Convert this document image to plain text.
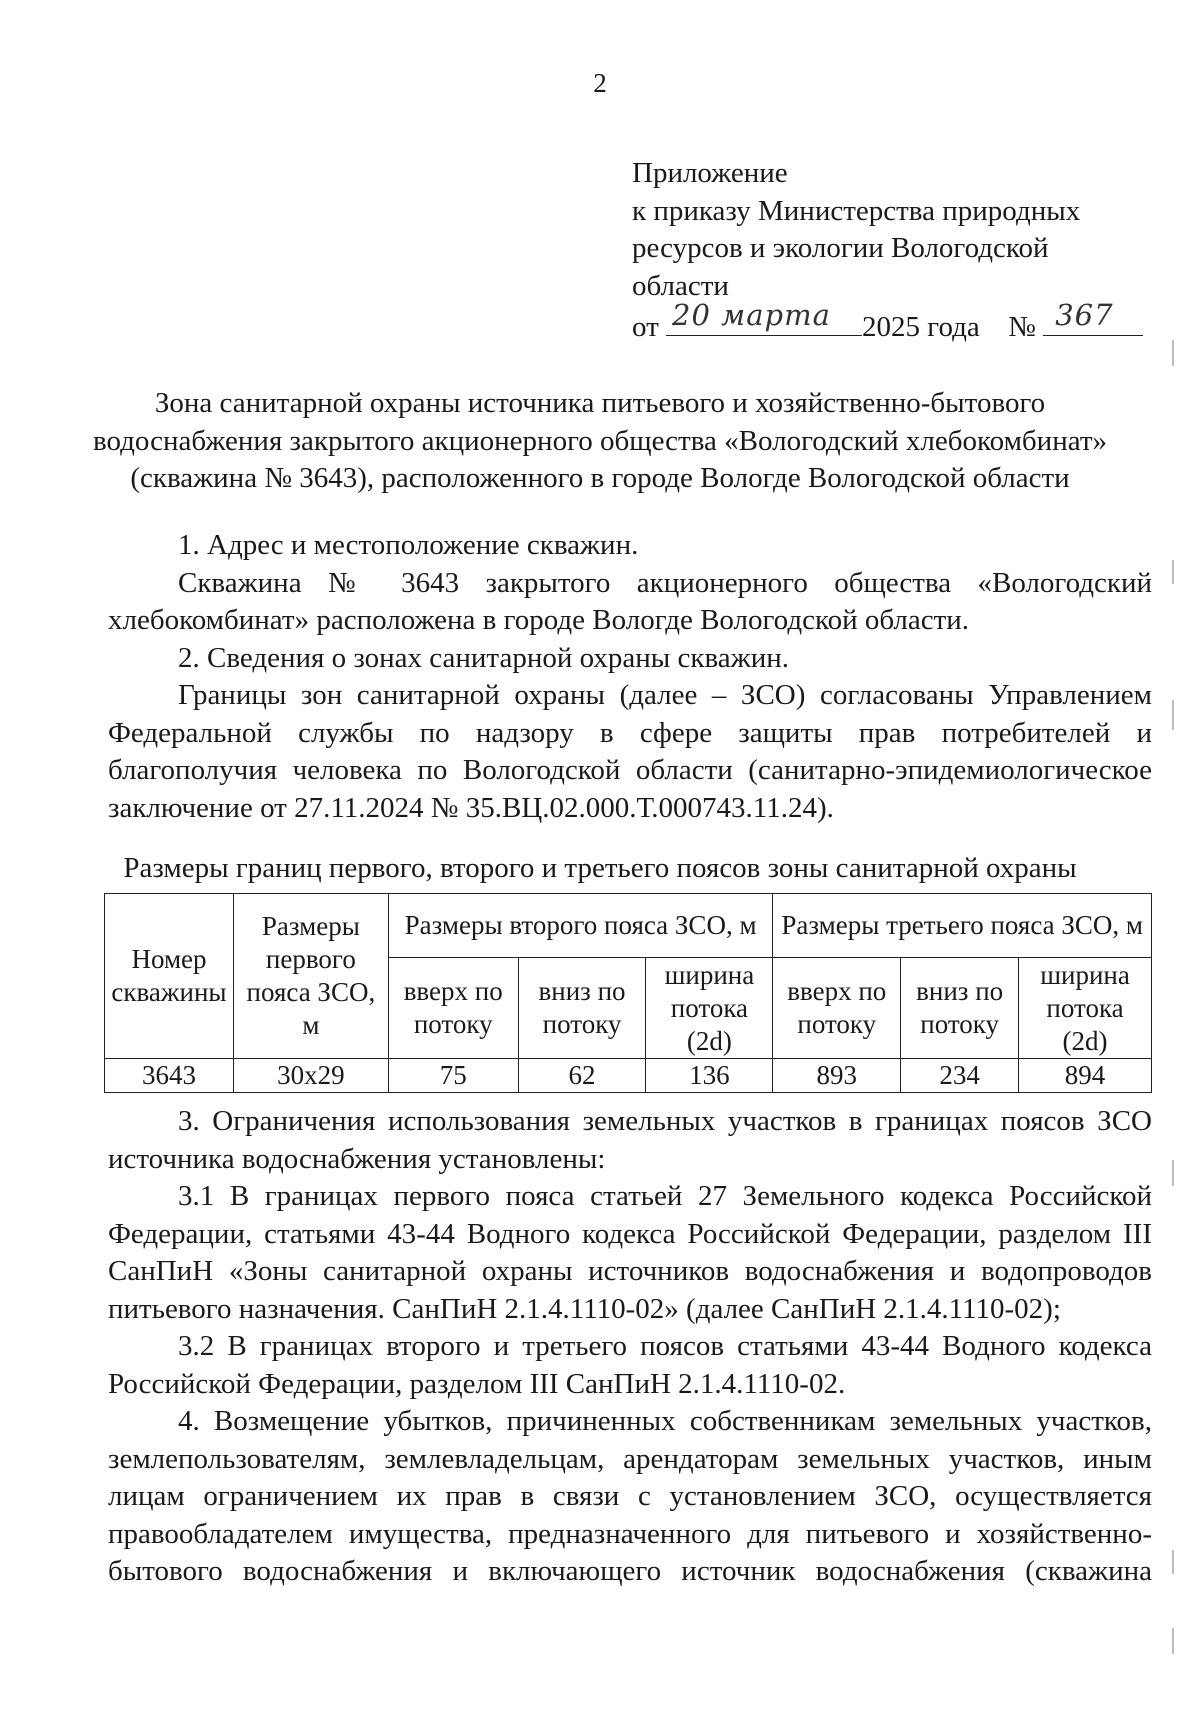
2
Приложение
к приказу Министерства природных
ресурсов и экологии Вологодской
области
от 20 марта 2025 года № 367
Зона санитарной охраны источника питьевого и хозяйственно-бытового
водоснабжения закрытого акционерного общества «Вологодский хлебокомбинат»
(скважина № 3643), расположенного в городе Вологде Вологодской области

1. Адрес и местоположение скважин.

Скважина № 3643 закрытого акционерного общества «Вологодский хлебокомбинат» расположена в городе Вологде Вологодской области.

2. Сведения о зонах санитарной охраны скважин.

Границы зон санитарной охраны (далее – ЗСО) согласованы Управлением Федеральной службы по надзору в сфере защиты прав потребителей и благополучия человека по Вологодской области (санитарно-эпидемиологическое заключение от 27.11.2024 № 35.ВЦ.02.000.Т.000743.11.24).

Размеры границ первого, второго и третьего поясов зоны санитарной охраны
Номер скважины	Размеры первого пояса ЗСО, м	Размеры второго пояса ЗСО, м			Размеры третьего пояса ЗСО, м		
		вверх по потоку	вниз по потоку	ширина потока (2d)	вверх по потоку	вниз по потоку	ширина потока (2d)
3643	30х29	75	62	136	893	234	894

3. Ограничения использования земельных участков в границах поясов ЗСО источника водоснабжения установлены:

3.1 В границах первого пояса статьей 27 Земельного кодекса Российской Федерации, статьями 43-44 Водного кодекса Российской Федерации, разделом III СанПиН «Зоны санитарной охраны источников водоснабжения и водопроводов питьевого назначения. СанПиН 2.1.4.1110-02» (далее СанПиН 2.1.4.1110-02);

3.2 В границах второго и третьего поясов статьями 43-44 Водного кодекса Российской Федерации, разделом III СанПиН 2.1.4.1110-02.

4. Возмещение убытков, причиненных собственникам земельных участков, землепользователям, землевладельцам, арендаторам земельных участков, иным лицам ограничением их прав в связи с установлением ЗСО, осуществляется правообладателем имущества, предназначенного для питьевого и хозяйственно-бытового водоснабжения и включающего источник водоснабжения (скважина
